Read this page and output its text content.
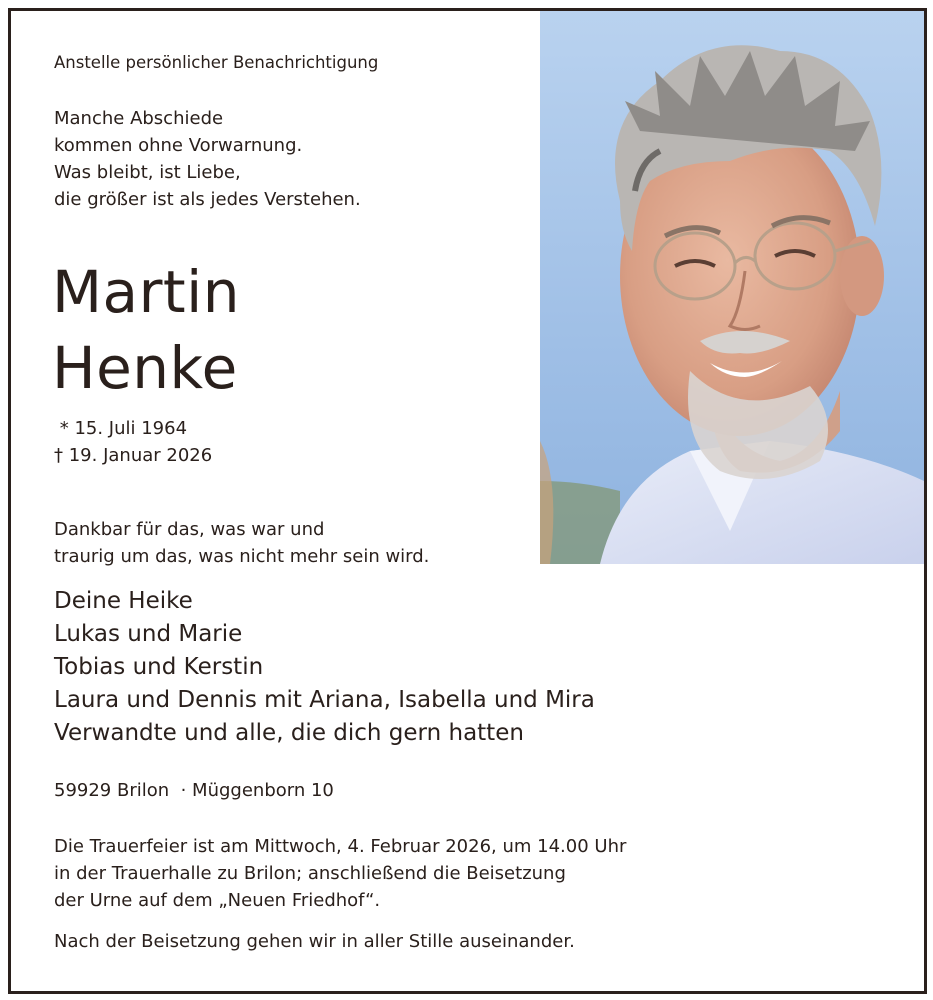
Anstelle persönlicher Benachrichtigung
Manche Abschiede
kommen ohne Vorwarnung.
Was bleibt, ist Liebe,
die größer ist als jedes Verstehen.
Martin
Henke
* 15. Juli 1964
† 19. Januar 2026
Dankbar für das, was war und
traurig um das, was nicht mehr sein wird.
Deine Heike
Lukas und Marie
Tobias und Kerstin
Laura und Dennis mit Ariana, Isabella und Mira
Verwandte und alle, die dich gern hatten
59929 Brilon  · Müggenborn 10
Die Trauerfeier ist am Mittwoch, 4. Februar 2026, um 14.00 Uhr
in der Trauerhalle zu Brilon; anschließend die Beisetzung
der Urne auf dem „Neuen Friedhof“.
Nach der Beisetzung gehen wir in aller Stille auseinander.
